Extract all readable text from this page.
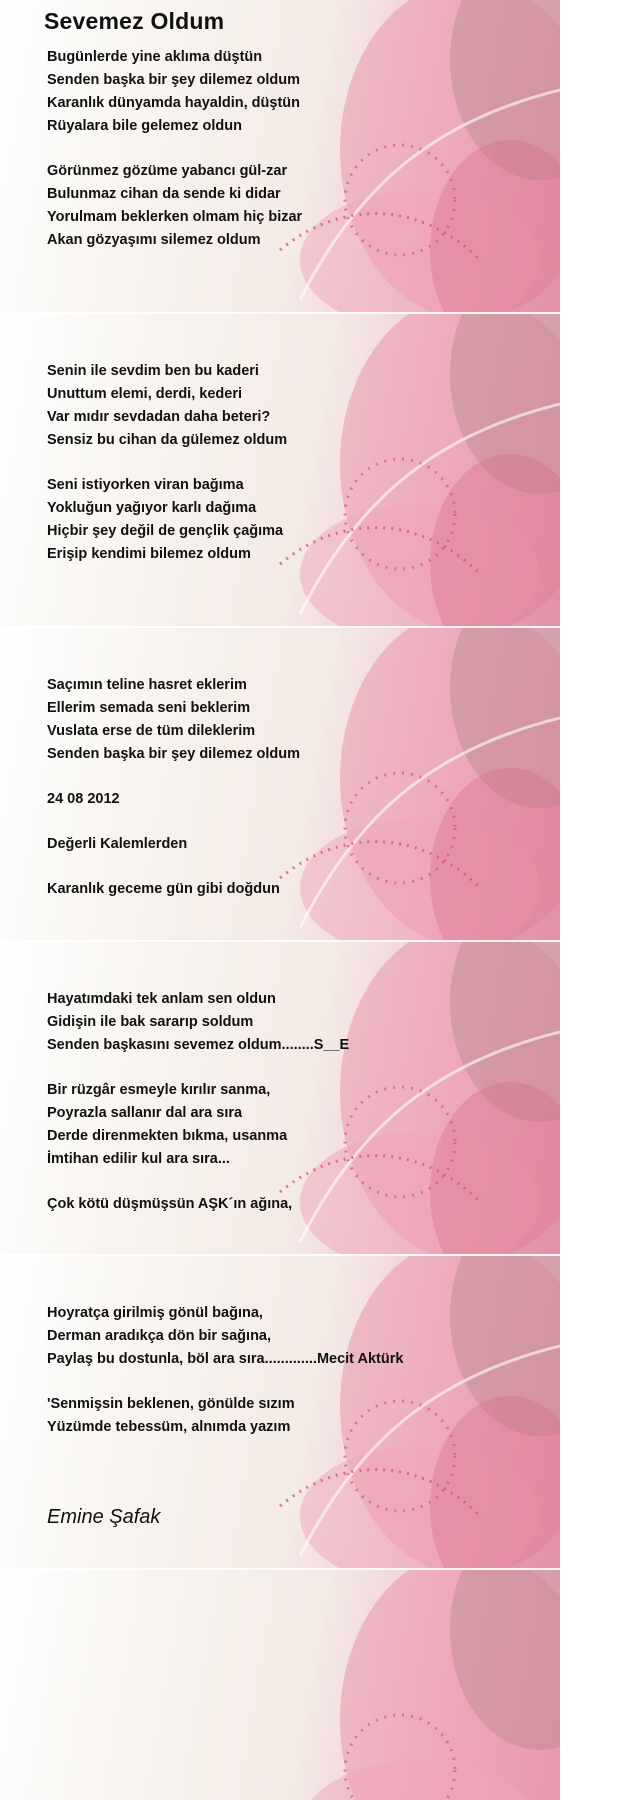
Sevemez Oldum
Bugünlerde yine aklıma düştün
Senden başka bir şey dilemez oldum
Karanlık dünyamda hayaldin, düştün
Rüyalara bile gelemez oldun
Görünmez gözüme yabancı gül-zar
Bulunmaz cihan da sende ki didar
Yorulmam beklerken olmam hiç bizar
Akan gözyaşımı silemez oldum
Senin ile sevdim ben bu kaderi
Unuttum elemi, derdi, kederi
Var mıdır sevdadan daha beteri?
Sensiz bu cihan da gülemez oldum
Seni istiyorken viran bağıma
Yokluğun yağıyor karlı dağıma
Hiçbir şey değil de gençlik çağıma
Erişip kendimi bilemez oldum
Saçımın teline hasret eklerim
Ellerim semada seni beklerim
Vuslata erse de tüm dileklerim
Senden başka bir şey dilemez oldum
24 08 2012
Değerli Kalemlerden
Karanlık geceme gün gibi doğdun
Hayatımdaki tek anlam sen oldun
Gidişin ile bak sararıp soldum
Senden başkasını sevemez oldum........S__E
Bir rüzgâr esmeyle kırılır sanma,
Poyrazla sallanır dal ara sıra
Derde direnmekten bıkma, usanma
İmtihan edilir kul ara sıra...
Çok kötü düşmüşsün AŞK´ın ağına,
Hoyratça girilmiş gönül bağına,
Derman aradıkça dön bir sağına,
Paylaş bu dostunla, böl ara sıra.............Mecit Aktürk
'Senmişsin beklenen, gönülde sızım
Yüzümde tebessüm, alnımda yazım
Emine Şafak
